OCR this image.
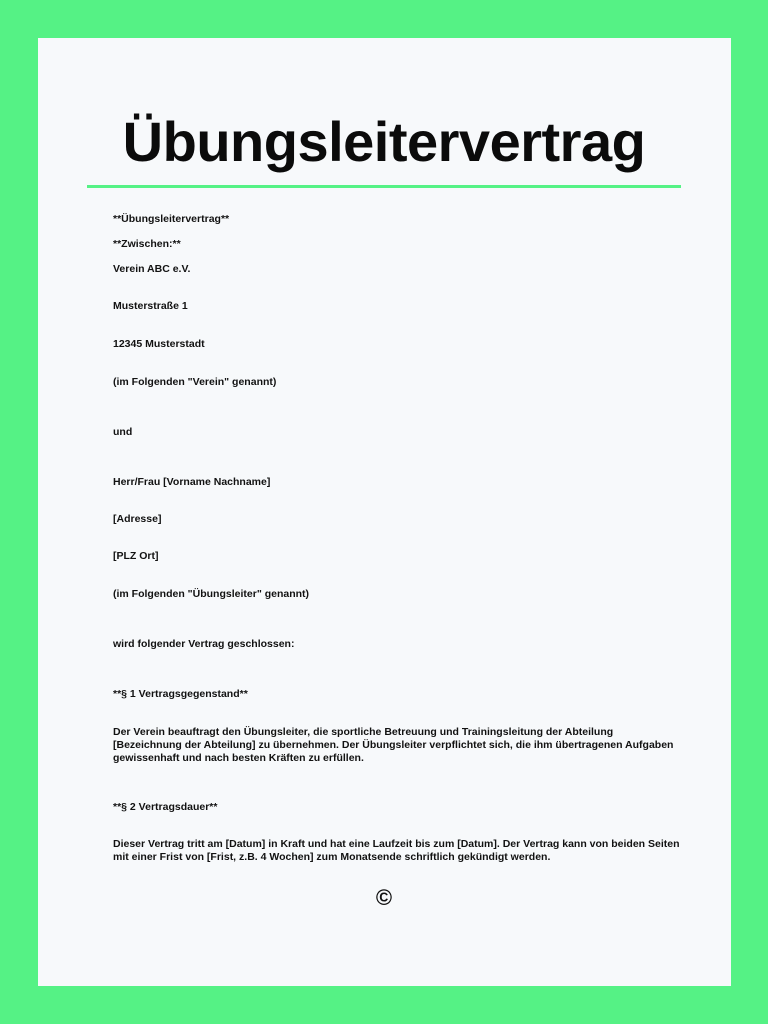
Übungsleitervertrag

**Übungsleitervertrag**

**Zwischen:**

Verein ABC e.V.

Musterstraße 1

12345 Musterstadt

(im Folgenden "Verein" genannt)

und

Herr/Frau [Vorname Nachname]

[Adresse]

[PLZ Ort]

(im Folgenden "Übungsleiter" genannt)

wird folgender Vertrag geschlossen:

**§ 1 Vertragsgegenstand**

Der Verein beauftragt den Übungsleiter, die sportliche Betreuung und Trainingsleitung der Abteilung [Bezeichnung der Abteilung] zu übernehmen. Der Übungsleiter verpflichtet sich, die ihm übertragenen Aufgaben gewissenhaft und nach besten Kräften zu erfüllen.

**§ 2 Vertragsdauer**

Dieser Vertrag tritt am [Datum] in Kraft und hat eine Laufzeit bis zum [Datum]. Der Vertrag kann von beiden Seiten mit einer Frist von [Frist, z.B. 4 Wochen] zum Monatsende schriftlich gekündigt werden.

©
